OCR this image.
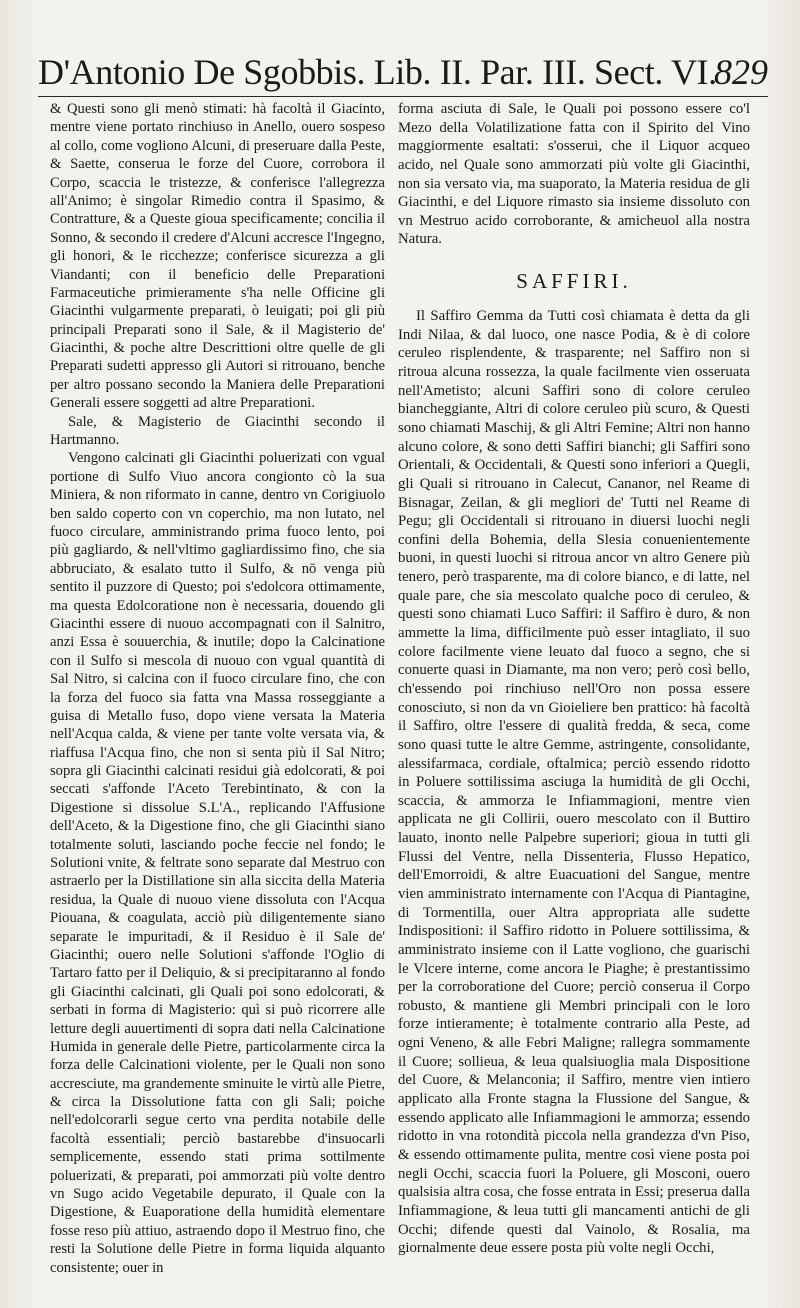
D'Antonio De Sgobbis. Lib. II. Par. III. Sect. VI.
829

& Questi sono gli menò stimati: hà facoltà il Giacinto, mentre viene portato rinchiuso in Anello, ouero sospeso al collo, come vogliono Alcuni, di preseruare dalla Peste, & Saette, conserua le forze del Cuore, corrobora il Corpo, scaccia le tristezze, & conferisce l'allegrezza all'Animo; è singolar Rimedio contra il Spasimo, & Contratture, & a Queste gioua specificamente; concilia il Sonno, & secondo il credere d'Alcuni accresce l'Ingegno, gli honori, & le ricchezze; conferisce sicurezza a gli Viandanti; con il beneficio delle Preparationi Farmaceutiche primieramente s'ha nelle Officine gli Giacinthi vulgarmente preparati, ò leuigati; poi gli più principali Preparati sono il Sale, & il Magisterio de' Giacinthi, & poche altre Descrittioni oltre quelle de gli Preparati sudetti appresso gli Autori si ritrouano, benche per altro possano secondo la Maniera delle Preparationi Generali essere soggetti ad altre Preparationi.

Sale, & Magisterio de Giacinthi secondo il Hartmanno.

Vengono calcinati gli Giacinthi poluerizati con vgual portione di Sulfo Viuo ancora congionto cò la sua Miniera, & non riformato in canne, dentro vn Corigiuolo ben saldo coperto con vn coperchio, ma non lutato, nel fuoco circulare, amministrando prima fuoco lento, poi più gagliardo, & nell'vltimo gagliardissimo fino, che sia abbruciato, & esalato tutto il Sulfo, & nō venga più sentito il puzzore di Questo; poi s'edolcora ottimamente, ma questa Edolcoratione non è necessaria, douendo gli Giacinthi essere di nuouo accompagnati con il Salnitro, anzi Essa è souuerchia, & inutile; dopo la Calcinatione con il Sulfo si mescola di nuouo con vgual quantità di Sal Nitro, si calcina con il fuoco circulare fino, che con la forza del fuoco sia fatta vna Massa rosseggiante a guisa di Metallo fuso, dopo viene versata la Materia nell'Acqua calda, & viene per tante volte versata via, & riaffusa l'Acqua fino, che non si senta più il Sal Nitro; sopra gli Giacinthi calcinati residui già edolcorati, & poi seccati s'affonde l'Aceto Terebintinato, & con la Digestione si dissolue S.L'A., replicando l'Affusione dell'Aceto, & la Digestione fino, che gli Giacinthi siano totalmente soluti, lasciando poche feccie nel fondo; le Solutioni vnite, & feltrate sono separate dal Mestruo con astraerlo per la Distillatione sin alla siccita della Materia residua, la Quale di nuouo viene dissoluta con l'Acqua Piouana, & coagulata, acciò più diligentemente siano separate le impuritadi, & il Residuo è il Sale de' Giacinthi; ouero nelle Solutioni s'affonde l'Oglio di Tartaro fatto per il Deliquio, & si precipitaranno al fondo gli Giacinthi calcinati, gli Quali poi sono edolcorati, & serbati in forma di Magisterio: quì si può ricorrere alle letture degli auuertimenti di sopra dati nella Calcinatione Humida in generale delle Pietre, particolarmente circa la forza delle Calcinationi violente, per le Quali non sono accresciute, ma grandemente sminuite le virtù alle Pietre, & circa la Dissolutione fatta con gli Sali; poiche nell'edolcorarli segue certo vna perdita notabile delle facoltà essentiali; perciò bastarebbe d'insuocarli semplicemente, essendo stati prima sottilmente poluerizati, & preparati, poi ammorzati più volte dentro vn Sugo acido Vegetabile depurato, il Quale con la Digestione, & Euaporatione della humidità elementare fosse reso più attiuo, astraendo dopo il Mestruo fino, che resti la Solutione delle Pietre in forma liquida alquanto consistente; ouer in

forma asciuta di Sale, le Quali poi possono essere co'l Mezo della Volatilizatione fatta con il Spirito del Vino maggiormente esaltati: s'osserui, che il Liquor acqueo acido, nel Quale sono ammorzati più volte gli Giacinthi, non sia versato via, ma suaporato, la Materia residua de gli Giacinthi, e del Liquore rimasto sia insieme dissoluto con vn Mestruo acido corroborante, & amicheuol alla nostra Natura.

SAFFIRI.

Il Saffiro Gemma da Tutti così chiamata è detta da gli Indi Nilaa, & dal luoco, one nasce Podia, & è di colore ceruleo risplendente, & trasparente; nel Saffiro non si ritroua alcuna rossezza, la quale facilmente vien osseruata nell'Ametisto; alcuni Saffiri sono di colore ceruleo biancheggiante, Altri di colore ceruleo più scuro, & Questi sono chiamati Maschij, & gli Altri Femine; Altri non hanno alcuno colore, & sono detti Saffiri bianchi; gli Saffiri sono Orientali, & Occidentali, & Questi sono inferiori a Quegli, gli Quali si ritrouano in Calecut, Cananor, nel Reame di Bisnagar, Zeilan, & gli megliori de' Tutti nel Reame di Pegu; gli Occidentali si ritrouano in diuersi luochi negli confini della Bohemia, della Slesia conuenientemente buoni, in questi luochi si ritroua ancor vn altro Genere più tenero, però trasparente, ma di colore bianco, e di latte, nel quale pare, che sia mescolato qualche poco di ceruleo, & questi sono chiamati Luco Saffiri: il Saffiro è duro, & non ammette la lima, difficilmente può esser intagliato, il suo colore facilmente viene leuato dal fuoco a segno, che si conuerte quasi in Diamante, ma non vero; però così bello, ch'essendo poi rinchiuso nell'Oro non possa essere conosciuto, si non da vn Gioieliere ben prattico: hà facoltà il Saffiro, oltre l'essere di qualità fredda, & seca, come sono quasi tutte le altre Gemme, astringente, consolidante, alessifarmaca, cordiale, oftalmica; perciò essendo ridotto in Poluere sottilissima asciuga la humidità de gli Occhi, scaccia, & ammorza le Infiammagioni, mentre vien applicata ne gli Collirii, ouero mescolato con il Buttiro lauato, inonto nelle Palpebre superiori; gioua in tutti gli Flussi del Ventre, nella Dissenteria, Flusso Hepatico, dell'Emorroidi, & altre Euacuationi del Sangue, mentre vien amministrato internamente con l'Acqua di Piantagine, di Tormentilla, ouer Altra appropriata alle sudette Indispositioni: il Saffiro ridotto in Poluere sottilissima, & amministrato insieme con il Latte vogliono, che guarischi le Vlcere interne, come ancora le Piaghe; è prestantissimo per la corroboratione del Cuore; perciò conserua il Corpo robusto, & mantiene gli Membri principali con le loro forze intieramente; è totalmente contrario alla Peste, ad ogni Veneno, & alle Febri Maligne; rallegra sommamente il Cuore; sollieua, & leua qualsiuoglia mala Dispositione del Cuore, & Melanconia; il Saffiro, mentre vien intiero applicato alla Fronte stagna la Flussione del Sangue, & essendo applicato alle Infiammagioni le ammorza; essendo ridotto in vna rotondità piccola nella grandezza d'vn Piso, & essendo ottimamente pulita, mentre così viene posta poi negli Occhi, scaccia fuori la Poluere, gli Mosconi, ouero qualsisia altra cosa, che fosse entrata in Essi; preserua dalla Infiammagione, & leua tutti gli mancamenti antichi de gli Occhi; difende questi dal Vainolo, & Rosalia, ma giornalmente deue essere posta più volte negli Occhi,
